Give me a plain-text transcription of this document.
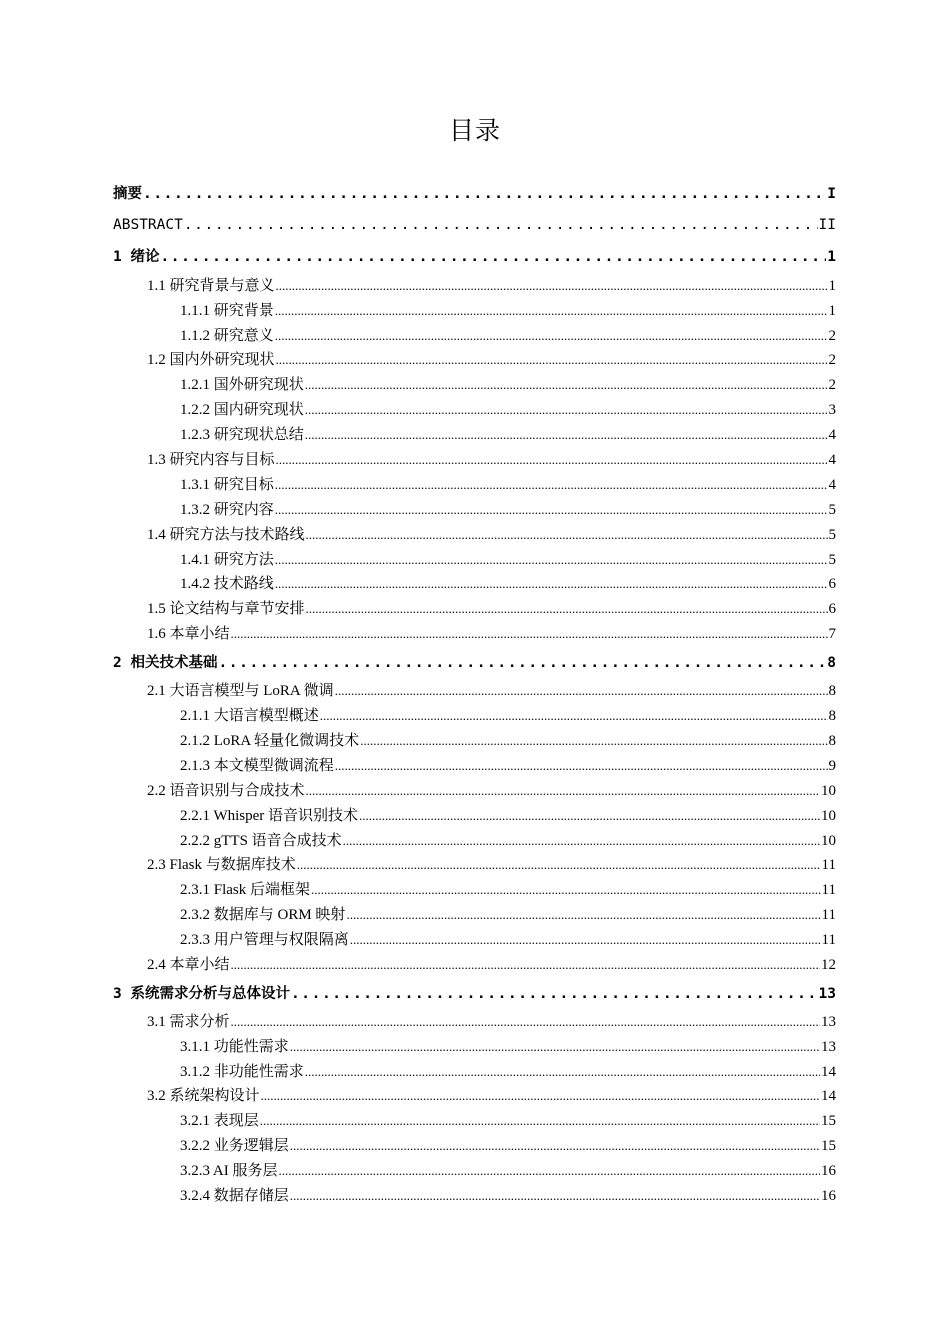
目录
摘要 .....	I
ABSTRACT .....	II
1 绪论 .....	1
1.1 研究背景与意义 .....	1
1.1.1 研究背景 .....	1
1.1.2 研究意义 .....	2
1.2 国内外研究现状 .....	2
1.2.1 国外研究现状 .....	2
1.2.2 国内研究现状 .....	3
1.2.3 研究现状总结 .....	4
1.3 研究内容与目标 .....	4
1.3.1 研究目标 .....	4
1.3.2 研究内容 .....	5
1.4 研究方法与技术路线 .....	5
1.4.1 研究方法 .....	5
1.4.2 技术路线 .....	6
1.5 论文结构与章节安排 .....	6
1.6 本章小结 .....	7
2 相关技术基础 .....	8
2.1 大语言模型与 LoRA 微调 .....	8
2.1.1 大语言模型概述 .....	8
2.1.2 LoRA 轻量化微调技术 .....	8
2.1.3 本文模型微调流程 .....	9
2.2 语音识别与合成技术 .....	10
2.2.1 Whisper 语音识别技术 .....	10
2.2.2 gTTS 语音合成技术 .....	10
2.3 Flask 与数据库技术 .....	11
2.3.1 Flask 后端框架 .....	11
2.3.2 数据库与 ORM 映射 .....	11
2.3.3 用户管理与权限隔离 .....	11
2.4 本章小结 .....	12
3 系统需求分析与总体设计 .....	13
3.1 需求分析 .....	13
3.1.1 功能性需求 .....	13
3.1.2 非功能性需求 .....	14
3.2 系统架构设计 .....	14
3.2.1 表现层 .....	15
3.2.2 业务逻辑层 .....	15
3.2.3 AI 服务层 .....	16
3.2.4 数据存储层 .....	16
